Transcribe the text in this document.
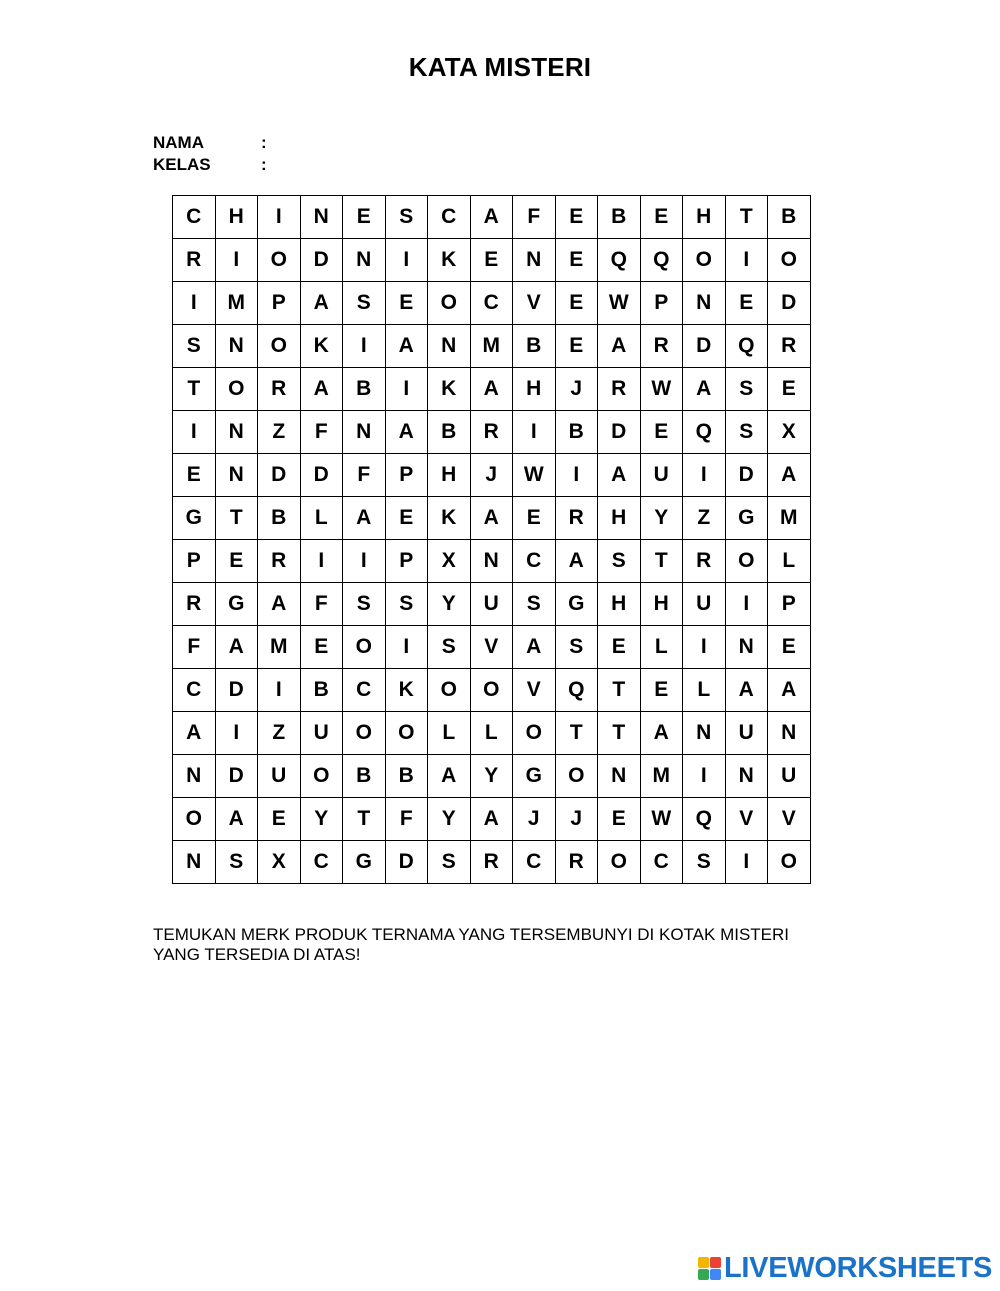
KATA MISTERI
NAMA	:
KELAS	:
C	H	I	N	E	S	C	A	F	E	B	E	H	T	B
R	I	O	D	N	I	K	E	N	E	Q	Q	O	I	O
I	M	P	A	S	E	O	C	V	E	W	P	N	E	D
S	N	O	K	I	A	N	M	B	E	A	R	D	Q	R
T	O	R	A	B	I	K	A	H	J	R	W	A	S	E
I	N	Z	F	N	A	B	R	I	B	D	E	Q	S	X
E	N	D	D	F	P	H	J	W	I	A	U	I	D	A
G	T	B	L	A	E	K	A	E	R	H	Y	Z	G	M
P	E	R	I	I	P	X	N	C	A	S	T	R	O	L
R	G	A	F	S	S	Y	U	S	G	H	H	U	I	P
F	A	M	E	O	I	S	V	A	S	E	L	I	N	E
C	D	I	B	C	K	O	O	V	Q	T	E	L	A	A
A	I	Z	U	O	O	L	L	O	T	T	A	N	U	N
N	D	U	O	B	B	A	Y	G	O	N	M	I	N	U
O	A	E	Y	T	F	Y	A	J	J	E	W	Q	V	V
N	S	X	C	G	D	S	R	C	R	O	C	S	I	O
TEMUKAN MERK PRODUK TERNAMA YANG TERSEMBUNYI DI KOTAK MISTERI
YANG TERSEDIA DI ATAS!
LIVEWORKSHEETS
